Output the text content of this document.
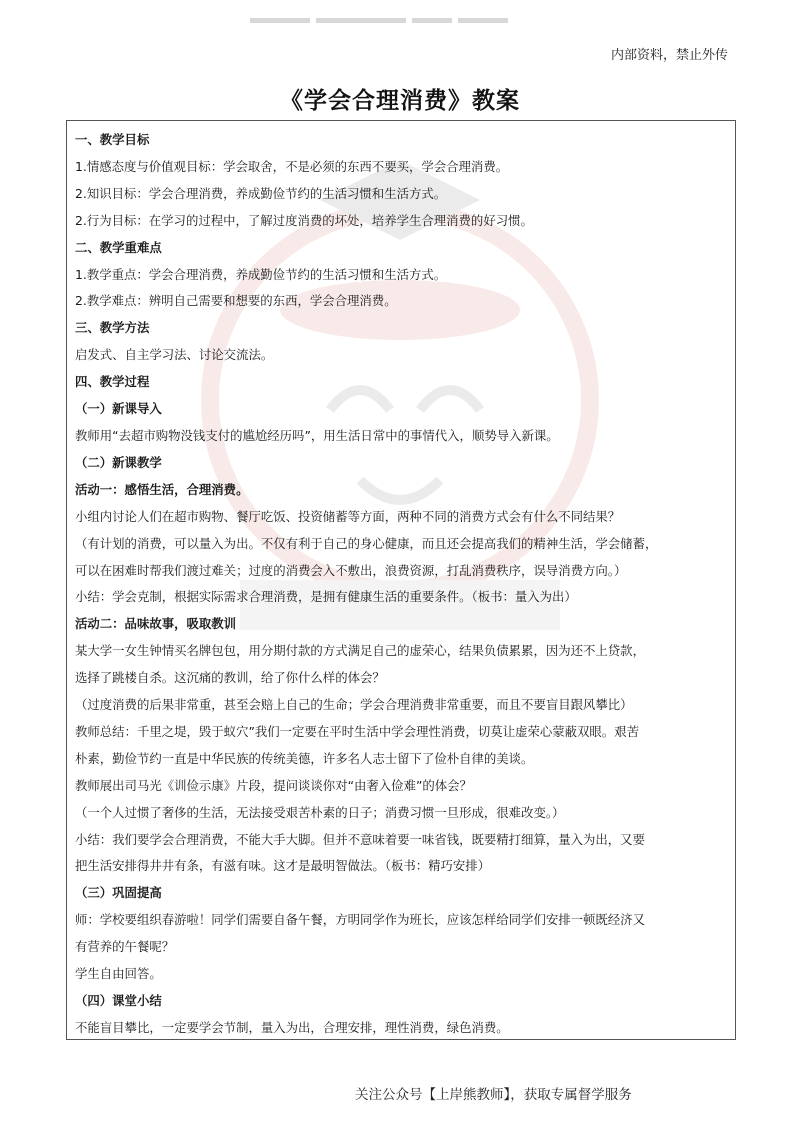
内部资料，禁止外传
《学会合理消费》教案
一、教学目标
1.情感态度与价值观目标：学会取舍，不是必须的东西不要买，学会合理消费。
2.知识目标：学会合理消费，养成勤俭节约的生活习惯和生活方式。
2.行为目标：在学习的过程中，了解过度消费的坏处，培养学生合理消费的好习惯。
二、教学重难点
1.教学重点：学会合理消费，养成勤俭节约的生活习惯和生活方式。
2.教学难点：辨明自己需要和想要的东西，学会合理消费。
三、教学方法
启发式、自主学习法、讨论交流法。
四、教学过程
（一）新课导入
教师用“去超市购物没钱支付的尴尬经历吗”，用生活日常中的事情代入，顺势导入新课。
（二）新课教学
活动一：感悟生活，合理消费。
小组内讨论人们在超市购物、餐厅吃饭、投资储蓄等方面，两种不同的消费方式会有什么不同结果？
（有计划的消费，可以量入为出。不仅有利于自己的身心健康，而且还会提高我们的精神生活，学会储蓄，
可以在困难时帮我们渡过难关；过度的消费会入不敷出，浪费资源，打乱消费秩序，误导消费方向。）
小结：学会克制，根据实际需求合理消费，是拥有健康生活的重要条件。（板书：量入为出）
活动二：品味故事，吸取教训
某大学一女生钟情买名牌包包，用分期付款的方式满足自己的虚荣心，结果负债累累，因为还不上贷款，
选择了跳楼自杀。这沉痛的教训，给了你什么样的体会？
（过度消费的后果非常重，甚至会赔上自己的生命；学会合理消费非常重要，而且不要盲目跟风攀比）
教师总结：千里之堤，毁于蚁穴”我们一定要在平时生活中学会理性消费，切莫让虚荣心蒙蔽双眼。艰苦
朴素，勤俭节约一直是中华民族的传统美德，许多名人志士留下了俭朴自律的美谈。
教师展出司马光《训俭示康》片段，提问谈谈你对“由奢入俭难”的体会？
（一个人过惯了奢侈的生活，无法接受艰苦朴素的日子；消费习惯一旦形成，很难改变。）
小结：我们要学会合理消费，不能大手大脚。但并不意味着要一味省钱，既要精打细算，量入为出，又要
把生活安排得井井有条，有滋有味。这才是最明智做法。（板书：精巧安排）
（三）巩固提高
师：学校要组织春游啦！同学们需要自备午餐，方明同学作为班长，应该怎样给同学们安排一顿既经济又
有营养的午餐呢？
学生自由回答。
（四）课堂小结
不能盲目攀比，一定要学会节制，量入为出，合理安排，理性消费，绿色消费。
关注公众号【上岸熊教师】，获取专属督学服务
